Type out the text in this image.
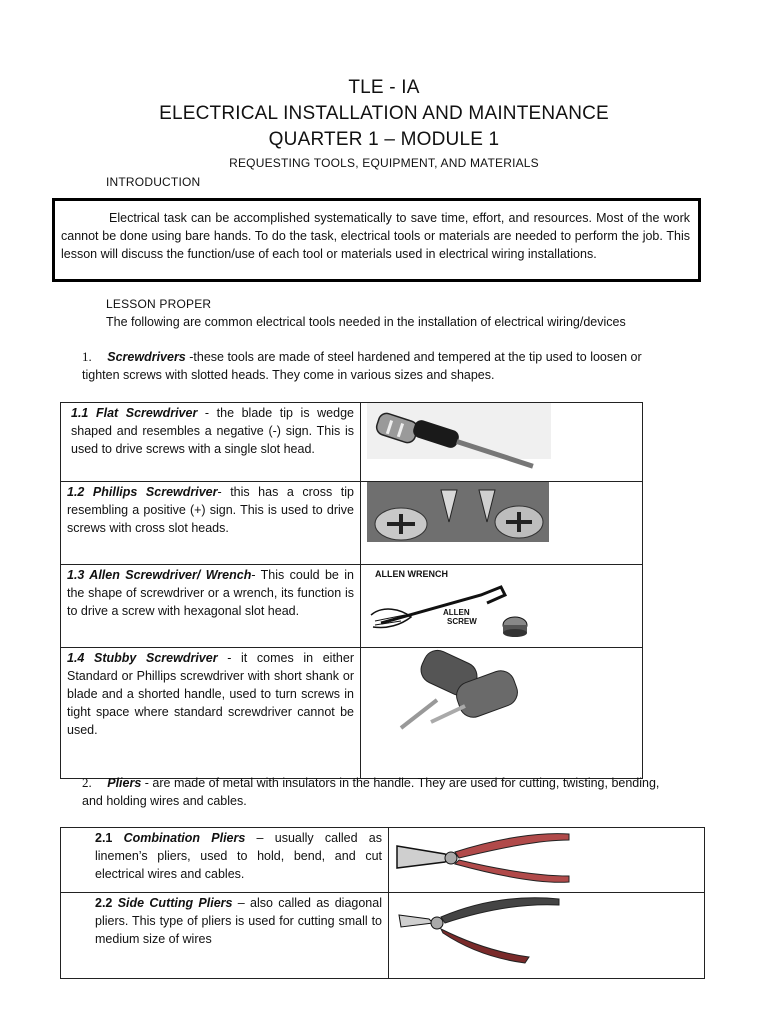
TLE - IA
ELECTRICAL INSTALLATION AND MAINTENANCE
QUARTER 1 – MODULE 1
REQUESTING TOOLS, EQUIPMENT, AND MATERIALS
INTRODUCTION
Electrical task can be accomplished systematically to save time, effort, and resources. Most of the work cannot be done using bare hands. To do the task, electrical tools or materials are needed to perform the job. This lesson will discuss the function/use of each tool or materials used in electrical wiring installations.
LESSON PROPER
The following are common electrical tools needed in the installation of electrical wiring/devices
1. Screwdrivers -these tools are made of steel hardened and tempered at the tip used to loosen or tighten screws with slotted heads. They come in various sizes and shapes.
1.1 Flat Screwdriver - the blade tip is wedge shaped and resembles a negative (-) sign. This is used to drive screws with a single slot head.

1.2 Phillips Screwdriver- this has a cross tip resembling a positive (+) sign. This is used to drive screws with cross slot heads.

1.3 Allen Screwdriver/ Wrench- This could be in the shape of screwdriver or a wrench, its function is to drive a screw with hexagonal slot head.	ALLEN WRENCH
ALLEN
SCREW

1.4 Stubby Screwdriver - it comes in either Standard or Phillips screwdriver with short shank or blade and a shorted handle, used to turn screws in tight space where standard screwdriver cannot be used.

2. Pliers - are made of metal with insulators in the handle. They are used for cutting, twisting, bending, and holding wires and cables.
2.1 Combination Pliers – usually called as linemen’s pliers, used to hold, bend, and cut electrical wires and cables.

2.2 Side Cutting Pliers – also called as diagonal pliers. This type of pliers is used for cutting small to medium size of wires
